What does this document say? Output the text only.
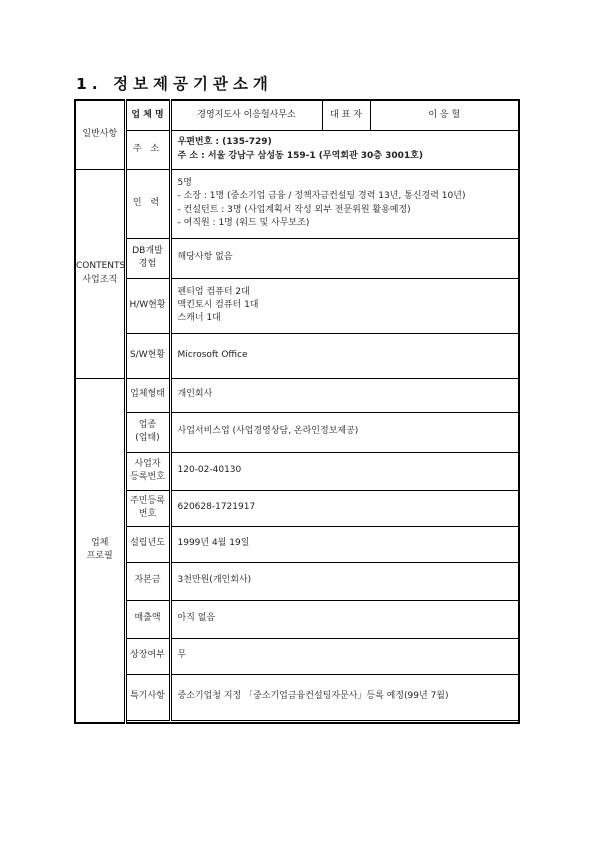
1. 정보제공기관소개
일반사항	업 체 명	경영지도사 이응헐사무소	대 표 자	이 응 헐
	주 소	우편번호 : (135-729)
주 소 : 서울 강남구 삼성동 159-1 (무역회관 30층 3001호)		

CONTENTS
사업조직	인 력	5명
- 소장 : 1명 (중소기업 금융 / 정책자금컨설팅 경력 13년, 통신경력 10년)
- 컨설턴트 : 3명 (사업계획서 작성 외부 전문위원 활용예정)
- 여직원 : 1명 (워드 및 사무보조)		

	DB개발
경험	해당사항 없음		
	H/W현황	펜티엄 컴퓨터 2대
맥킨토시 컴퓨터 1대
스캐너 1대		

	S/W현황	Microsoft Office		

업체
프로필	업체형태	개인회사		

	업종
(업태)	사업서비스업 (사업경영상담, 온라인정보제공)		

	사업자
등록번호	120-02-40130		

	주민등록
번호	620628-1721917		
	설립년도	1999년 4월 19일		
	자본금	3천만원(개인회사)		
	매출액	아직 없음		
	상장여부	무		
	특기사항	중소기업청 지정 「중소기업금융컨설팅자문사」등록 예정(99년 7월)		
